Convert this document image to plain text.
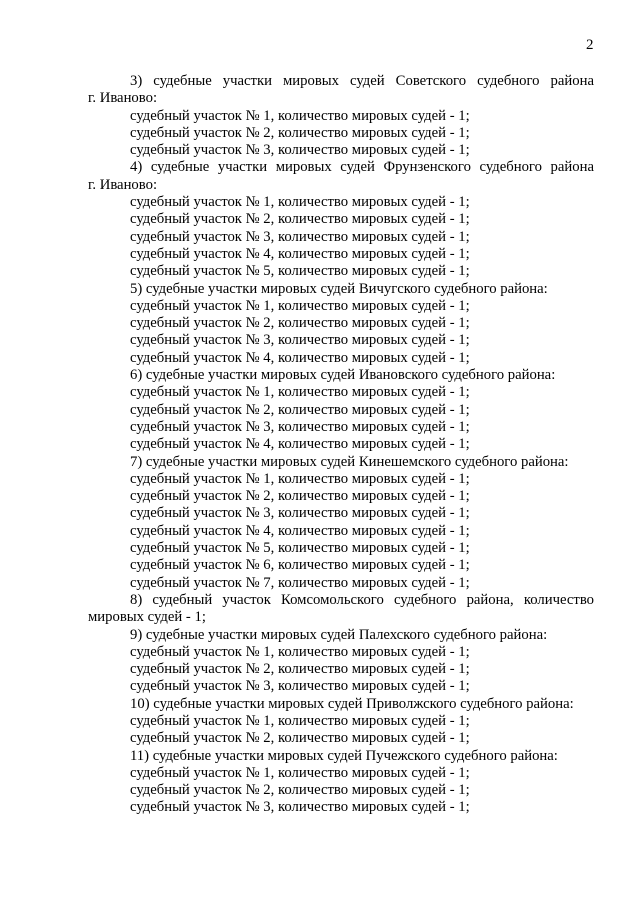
2
3) судебные участки мировых судей Советского судебного района
г. Иваново:
судебный участок № 1, количество мировых судей - 1;
судебный участок № 2, количество мировых судей - 1;
судебный участок № 3, количество мировых судей - 1;
4) судебные участки мировых судей Фрунзенского судебного района
г. Иваново:
судебный участок № 1, количество мировых судей - 1;
судебный участок № 2, количество мировых судей - 1;
судебный участок № 3, количество мировых судей - 1;
судебный участок № 4, количество мировых судей - 1;
судебный участок № 5, количество мировых судей - 1;
5) судебные участки мировых судей Вичугского судебного района:
судебный участок № 1, количество мировых судей - 1;
судебный участок № 2, количество мировых судей - 1;
судебный участок № 3, количество мировых судей - 1;
судебный участок № 4, количество мировых судей - 1;
6) судебные участки мировых судей Ивановского судебного района:
судебный участок № 1, количество мировых судей - 1;
судебный участок № 2, количество мировых судей - 1;
судебный участок № 3, количество мировых судей - 1;
судебный участок № 4, количество мировых судей - 1;
7) судебные участки мировых судей Кинешемского судебного района:
судебный участок № 1, количество мировых судей - 1;
судебный участок № 2, количество мировых судей - 1;
судебный участок № 3, количество мировых судей - 1;
судебный участок № 4, количество мировых судей - 1;
судебный участок № 5, количество мировых судей - 1;
судебный участок № 6, количество мировых судей - 1;
судебный участок № 7, количество мировых судей - 1;
8) судебный участок Комсомольского судебного района, количество
мировых судей - 1;
9) судебные участки мировых судей Палехского судебного района:
судебный участок № 1, количество мировых судей - 1;
судебный участок № 2, количество мировых судей - 1;
судебный участок № 3, количество мировых судей - 1;
10) судебные участки мировых судей Приволжского судебного района:
судебный участок № 1, количество мировых судей - 1;
судебный участок № 2, количество мировых судей - 1;
11) судебные участки мировых судей Пучежского судебного района:
судебный участок № 1, количество мировых судей - 1;
судебный участок № 2, количество мировых судей - 1;
судебный участок № 3, количество мировых судей - 1;
